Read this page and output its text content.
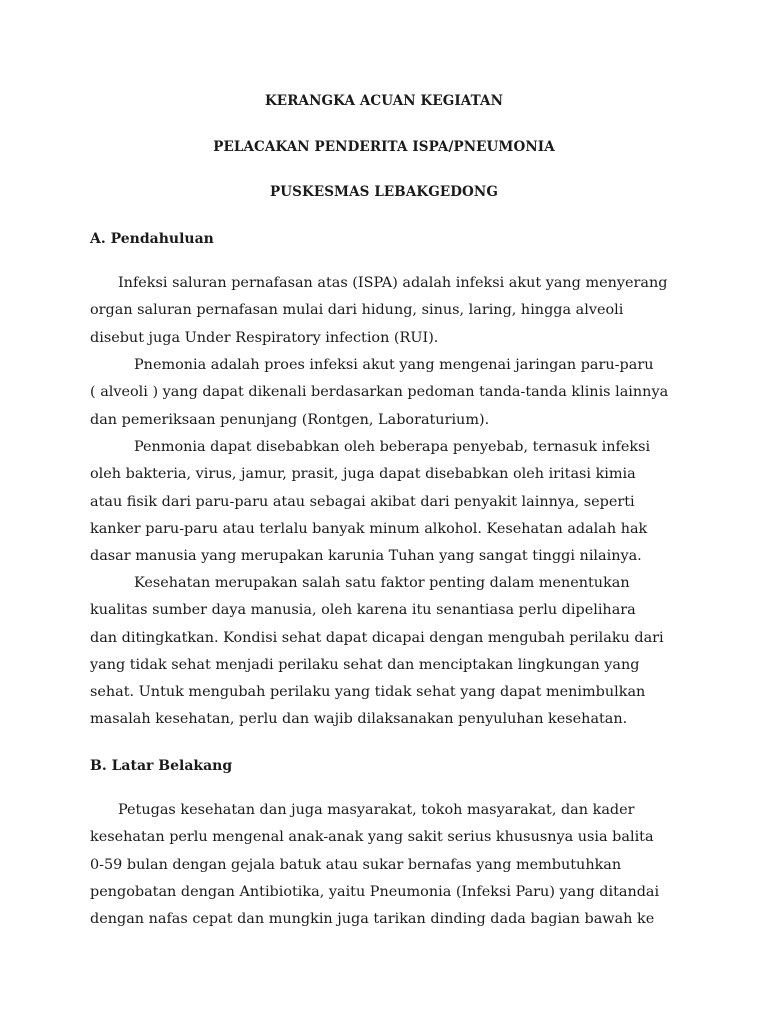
KERANGKA ACUAN KEGIATAN
PELACAKAN PENDERITA ISPA/PNEUMONIA
PUSKESMAS LEBAKGEDONG
A. Pendahuluan
Infeksi saluran pernafasan atas (ISPA) adalah infeksi akut yang menyerang
organ saluran pernafasan mulai dari hidung, sinus, laring, hingga alveoli
disebut juga Under Respiratory infection (RUI).
Pnemonia adalah proes infeksi akut yang mengenai jaringan paru-paru
( alveoli ) yang dapat dikenali berdasarkan pedoman tanda-tanda klinis lainnya
dan pemeriksaan penunjang (Rontgen, Laboraturium).
Penmonia dapat disebabkan oleh beberapa penyebab, ternasuk infeksi
oleh bakteria, virus, jamur, prasit, juga dapat disebabkan oleh iritasi kimia
atau fisik dari paru-paru atau sebagai akibat dari penyakit lainnya, seperti
kanker paru-paru atau terlalu banyak minum alkohol. Kesehatan adalah hak
dasar manusia yang merupakan karunia Tuhan yang sangat tinggi nilainya.
Kesehatan merupakan salah satu faktor penting dalam menentukan
kualitas sumber daya manusia, oleh karena itu senantiasa perlu dipelihara
dan ditingkatkan. Kondisi sehat dapat dicapai dengan mengubah perilaku dari
yang tidak sehat menjadi perilaku sehat dan menciptakan lingkungan yang
sehat. Untuk mengubah perilaku yang tidak sehat yang dapat menimbulkan
masalah kesehatan, perlu dan wajib dilaksanakan penyuluhan kesehatan.
B. Latar Belakang
Petugas kesehatan dan juga masyarakat, tokoh masyarakat, dan kader
kesehatan perlu mengenal anak-anak yang sakit serius khususnya usia balita
0-59 bulan dengan gejala batuk atau sukar bernafas yang membutuhkan
pengobatan dengan Antibiotika, yaitu Pneumonia (Infeksi Paru) yang ditandai
dengan nafas cepat dan mungkin juga tarikan dinding dada bagian bawah ke
